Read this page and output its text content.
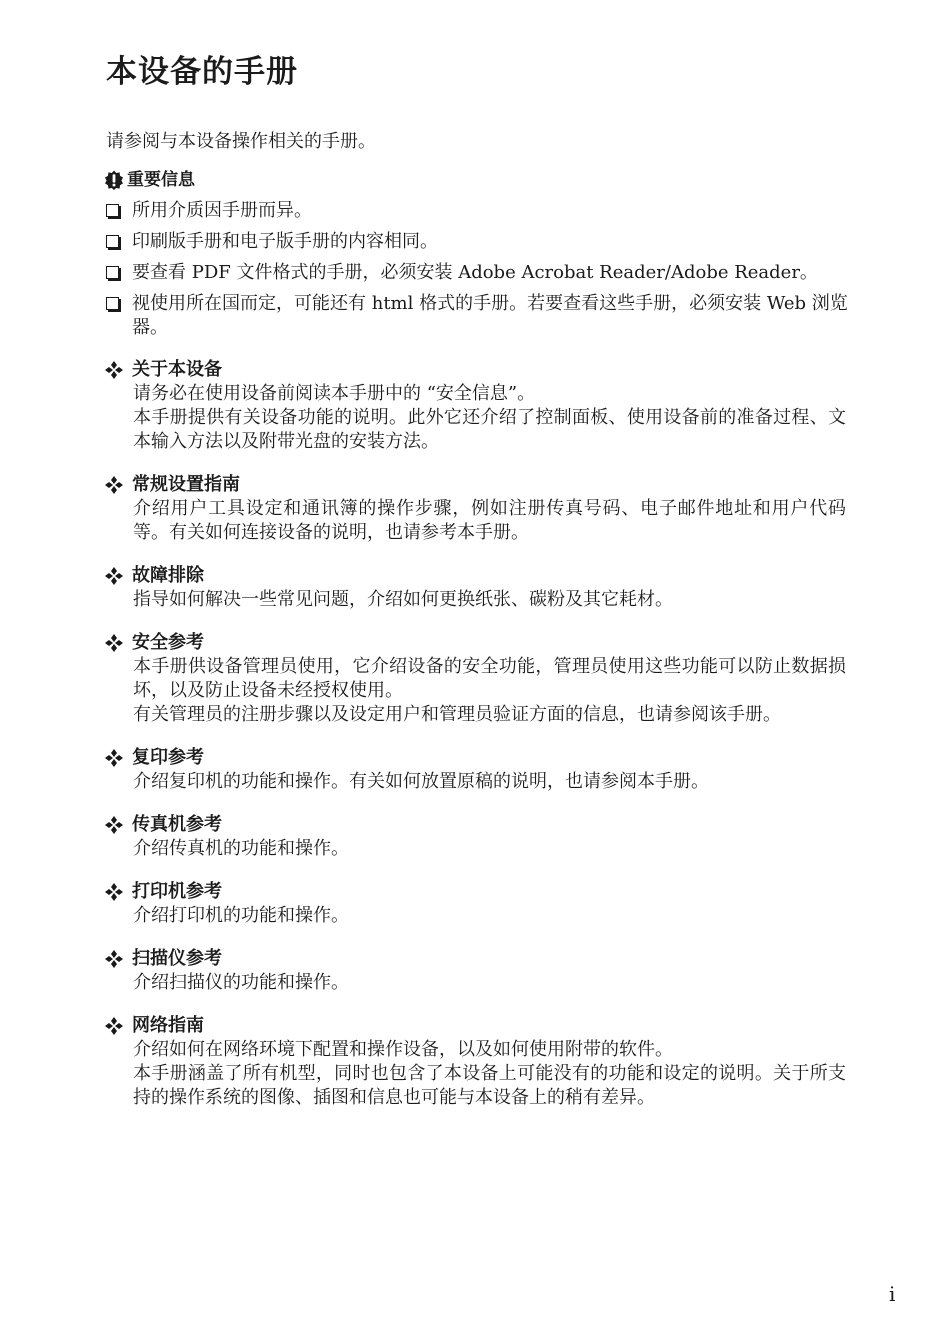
本设备的手册
请参阅与本设备操作相关的手册。
重要信息
所用介质因手册而异。
印刷版手册和电子版手册的内容相同。
要查看 PDF 文件格式的手册，必须安装 Adobe Acrobat Reader/Adobe Reader。
视使用所在国而定，可能还有 html 格式的手册。若要查看这些手册，必须安装 Web 浏览器。
关于本设备

请务必在使用设备前阅读本手册中的 “安全信息”。

本手册提供有关设备功能的说明。此外它还介绍了控制面板、使用设备前的准备过程、文本输入方法以及附带光盘的安装方法。

常规设置指南

介绍用户工具设定和通讯簿的操作步骤，例如注册传真号码、电子邮件地址和用户代码等。有关如何连接设备的说明，也请参考本手册。

故障排除

指导如何解决一些常见问题，介绍如何更换纸张、碳粉及其它耗材。

安全参考

本手册供设备管理员使用，它介绍设备的安全功能，管理员使用这些功能可以防止数据损坏，以及防止设备未经授权使用。

有关管理员的注册步骤以及设定用户和管理员验证方面的信息，也请参阅该手册。

复印参考

介绍复印机的功能和操作。有关如何放置原稿的说明，也请参阅本手册。

传真机参考

介绍传真机的功能和操作。

打印机参考

介绍打印机的功能和操作。

扫描仪参考

介绍扫描仪的功能和操作。

网络指南

介绍如何在网络环境下配置和操作设备，以及如何使用附带的软件。

本手册涵盖了所有机型，同时也包含了本设备上可能没有的功能和设定的说明。关于所支持的操作系统的图像、插图和信息也可能与本设备上的稍有差异。

i
